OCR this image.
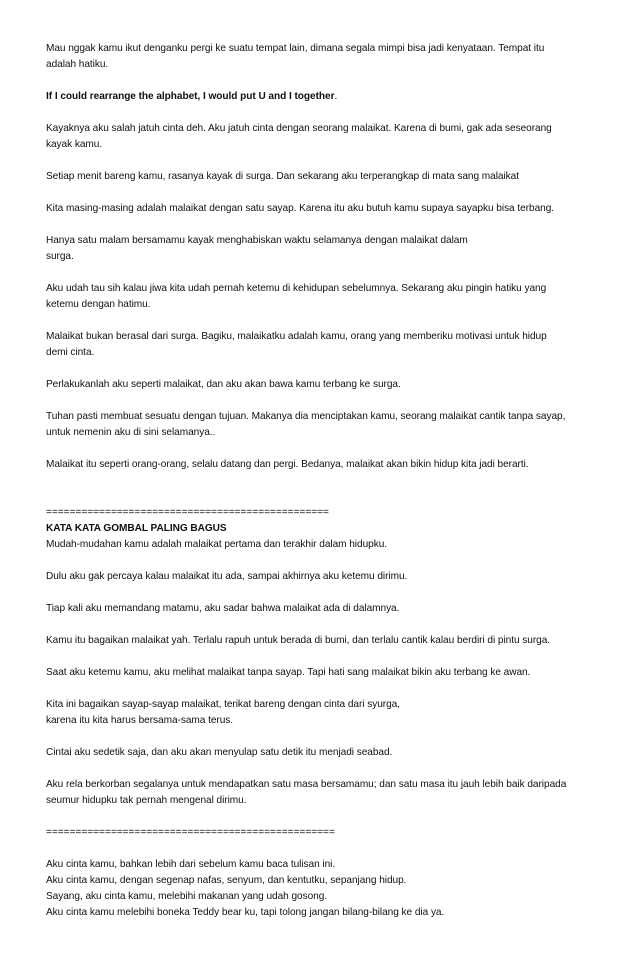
Mau nggak kamu ikut denganku pergi ke suatu tempat lain, dimana segala mimpi bisa jadi kenyataan. Tempat itu
adalah hatiku.
If I could rearrange the alphabet, I would put U and I together.
Kayaknya aku salah jatuh cinta deh. Aku jatuh cinta dengan seorang malaikat. Karena di bumi, gak ada seseorang
kayak kamu.
Setiap menit bareng kamu, rasanya kayak di surga. Dan sekarang aku terperangkap di mata sang malaikat
Kita masing-masing adalah malaikat dengan satu sayap. Karena itu aku butuh kamu supaya sayapku bisa terbang.
Hanya satu malam bersamamu kayak menghabiskan waktu selamanya dengan malaikat dalam
surga.
Aku udah tau sih kalau jiwa kita udah pernah ketemu di kehidupan sebelumnya. Sekarang aku pingin hatiku yang
ketemu dengan hatimu.
Malaikat bukan berasal dari surga. Bagiku, malaikatku adalah kamu, orang yang memberiku motivasi untuk hidup
demi cinta.
Perlakukanlah aku seperti malaikat, dan aku akan bawa kamu terbang ke surga.
Tuhan pasti membuat sesuatu dengan tujuan. Makanya dia menciptakan kamu, seorang malaikat cantik tanpa sayap,
untuk nemenin aku di sini selamanya..
Malaikat itu seperti orang-orang, selalu datang dan pergi. Bedanya, malaikat akan bikin hidup kita jadi berarti.
================================================
KATA KATA GOMBAL PALING BAGUS
Mudah-mudahan kamu adalah malaikat pertama dan terakhir dalam hidupku.
Dulu aku gak percaya kalau malaikat itu ada, sampai akhirnya aku ketemu dirimu.
Tiap kali aku memandang matamu, aku sadar bahwa malaikat ada di dalamnya.
Kamu itu bagaikan malaikat yah. Terlalu rapuh untuk berada di bumi, dan terlalu cantik kalau berdiri di pintu surga.
Saat aku ketemu kamu, aku melihat malaikat tanpa sayap. Tapi hati sang malaikat bikin aku terbang ke awan.
Kita ini bagaikan sayap-sayap malaikat, terikat bareng dengan cinta dari syurga,
karena itu kita harus bersama-sama terus.
Cintai aku sedetik saja, dan aku akan menyulap satu detik itu menjadi seabad.
Aku rela berkorban segalanya untuk mendapatkan satu masa bersamamu; dan satu masa itu jauh lebih baik daripada
seumur hidupku tak pernah mengenal dirimu.
=================================================
Aku cinta kamu, bahkan lebih dari sebelum kamu baca tulisan ini.
Aku cinta kamu, dengan segenap nafas, senyum, dan kentutku, sepanjang hidup.
Sayang, aku cinta kamu, melebihi makanan yang udah gosong.
Aku cinta kamu melebihi boneka Teddy bear ku, tapi tolong jangan bilang-bilang ke dia ya.
